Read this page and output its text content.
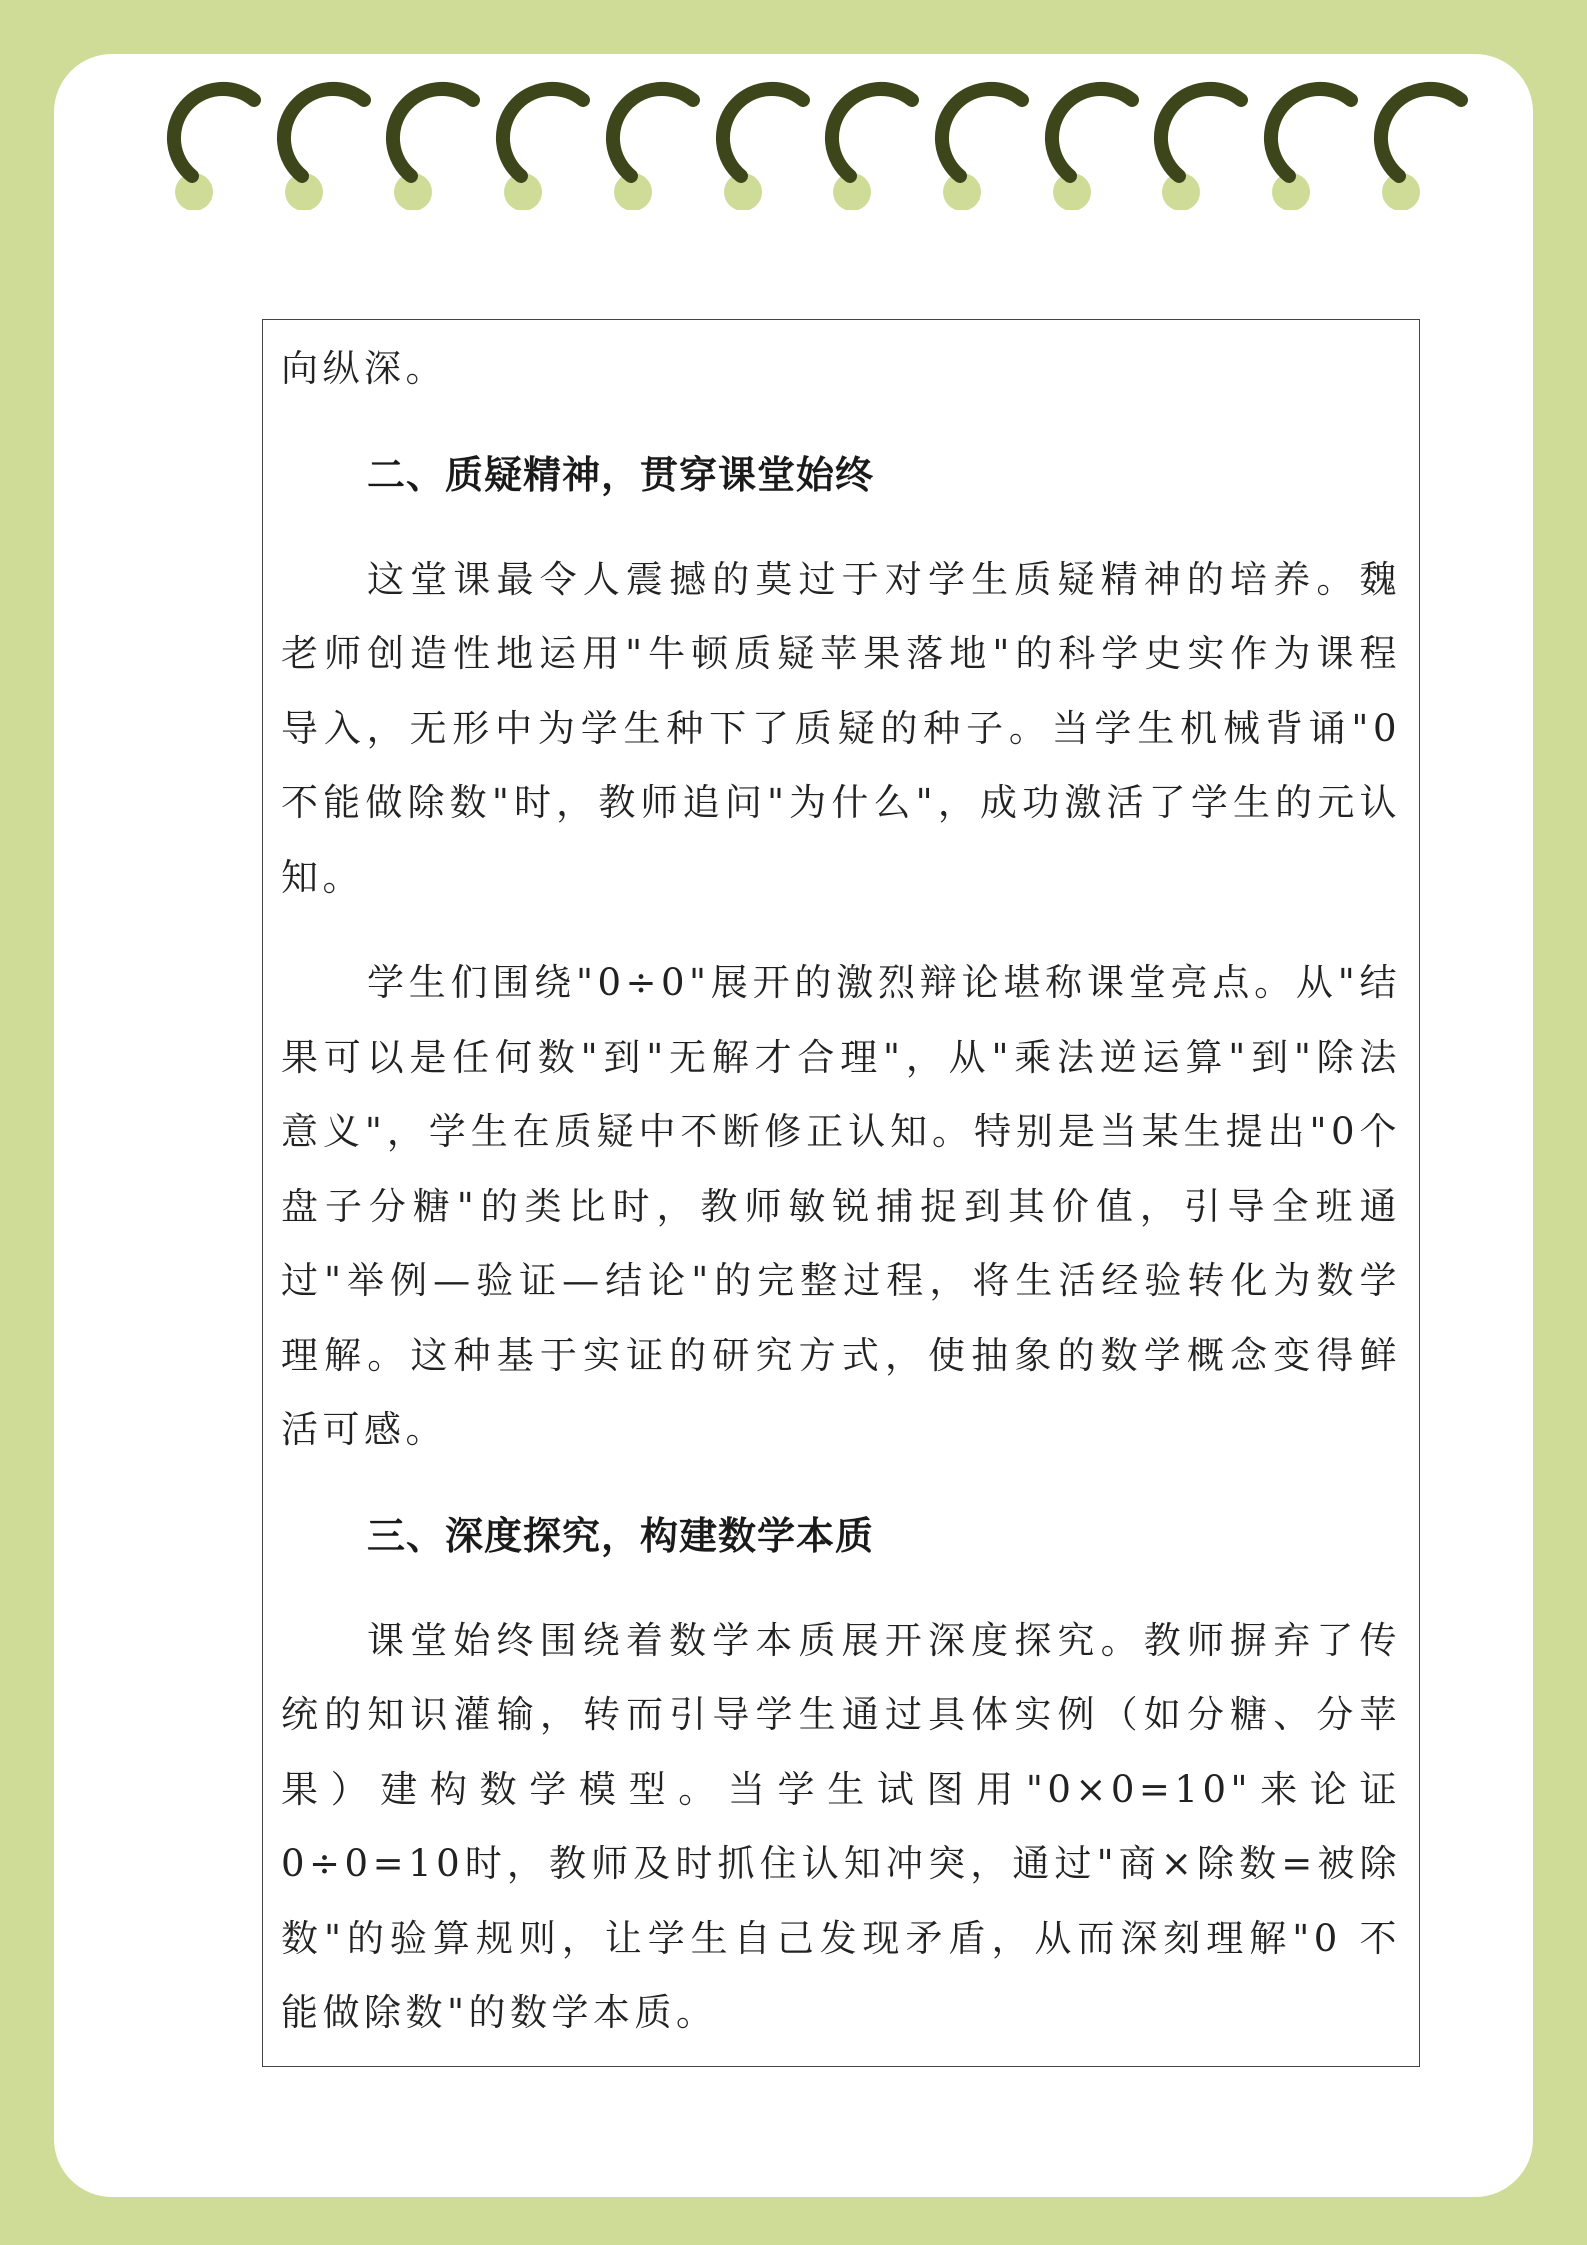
向纵深。

二、质疑精神，贯穿课堂始终

这堂课最令人震撼的莫过于对学生质疑精神的培养。魏老师创造性地运用"牛顿质疑苹果落地"的科学史实作为课程导入，无形中为学生种下了质疑的种子。当学生机械背诵"0不能做除数"时，教师追问"为什么"，成功激活了学生的元认知。

学生们围绕"0÷0"展开的激烈辩论堪称课堂亮点。从"结果可以是任何数"到"无解才合理"，从"乘法逆运算"到"除法意义"，学生在质疑中不断修正认知。特别是当某生提出"0个盘子分糖"的类比时，教师敏锐捕捉到其价值，引导全班通过"举例—验证—结论"的完整过程，将生活经验转化为数学理解。这种基于实证的研究方式，使抽象的数学概念变得鲜活可感。

三、深度探究，构建数学本质

课堂始终围绕着数学本质展开深度探究。教师摒弃了传统的知识灌输，转而引导学生通过具体实例（如分糖、分苹果）建构数学模型。当学生试图用"0×0=10"来论证 0÷0=10时，教师及时抓住认知冲突，通过"商×除数=被除数"的验算规则，让学生自己发现矛盾，从而深刻理解"0 不能做除数"的数学本质。
